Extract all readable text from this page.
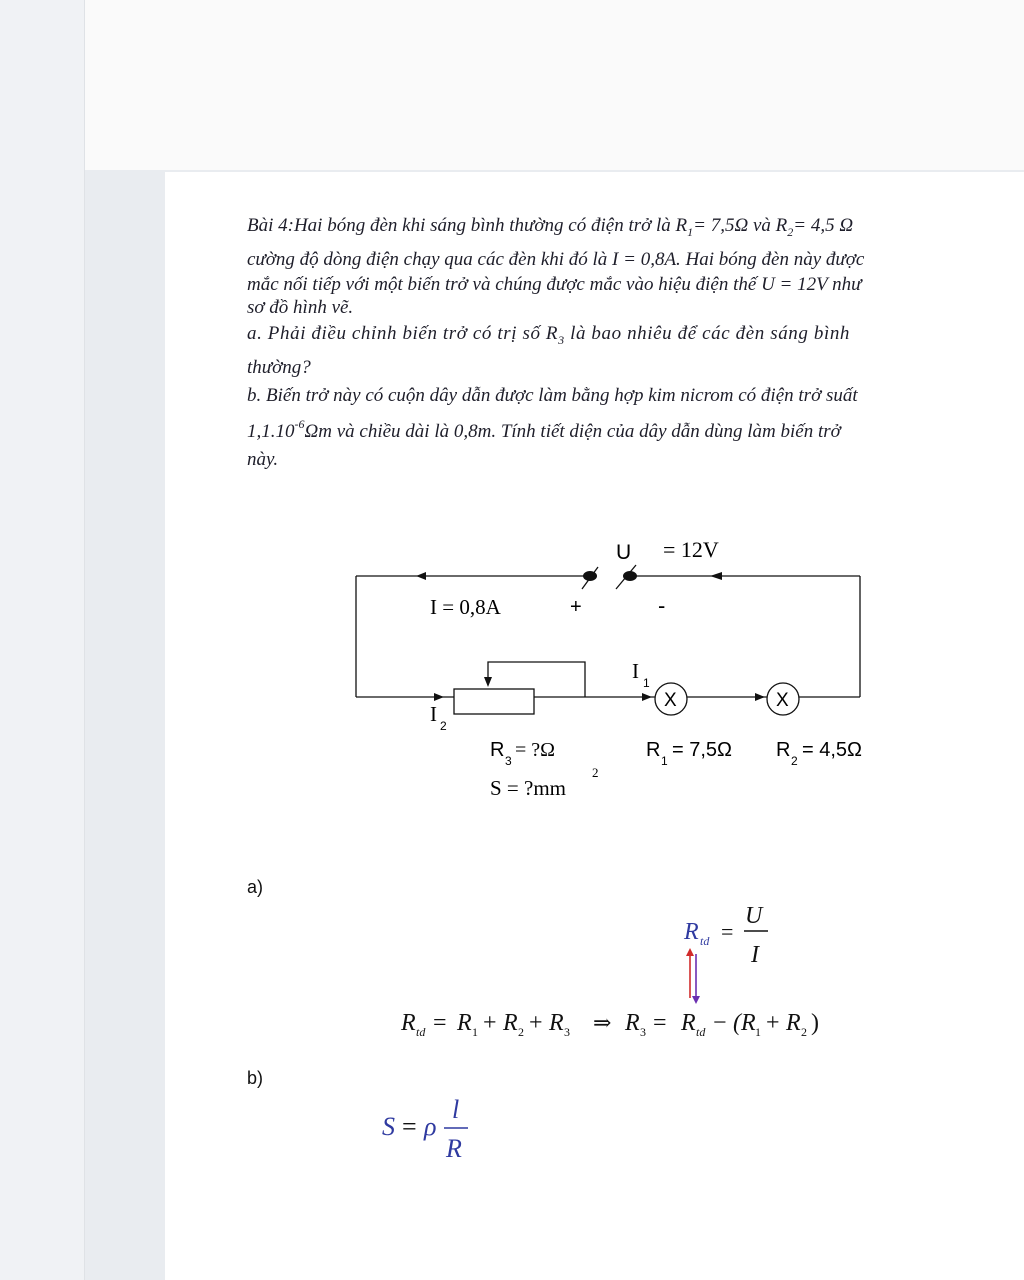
Bài 4:Hai bóng đèn khi sáng bình thường có điện trở là $R_1= 7,5\Omega$ và $R_2= 4,5$ Ω

cường độ dòng điện chạy qua các đèn khi đó là I = 0,8A. Hai bóng đèn này được

mắc nối tiếp với một biến trở và chúng được mắc vào hiệu điện thế U = 12V như

sơ đồ hình vẽ.

a. Phải điều chỉnh biến trở có trị số $R_3$ là bao nhiêu để các đèn sáng bình

thường?

b. Biến trở này có cuộn dây dẫn được làm bằng hợp kim nicrom có điện trở suất

$1,1.10^{-6}\Omega m$ và chiều dài là 0,8m. Tính tiết diện của dây dẫn dùng làm biến trở

này.

U = 12V
I = 0,8A	+	-
I 1
I 2
X	X
R 3 = ?Ω
S = ?mm
2
R 1 = 7,5Ω R 2 = 4,5Ω
a)
b)
R td =
U
I
R td = R 1 + R 2 + R 3 ⇒ R 3 = R td − (R 1 + R 2 )
S = ρ
l
R
